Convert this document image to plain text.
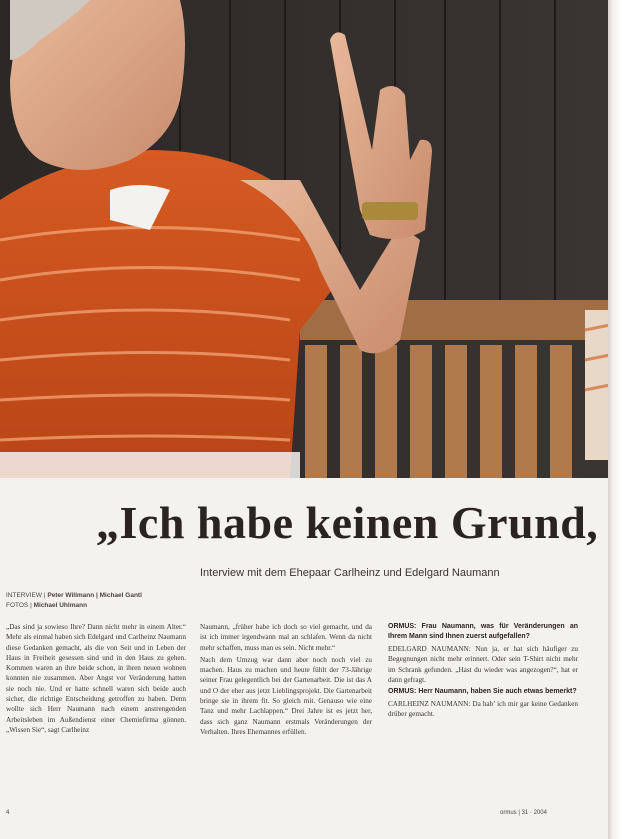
„Ich habe keinen Grund,
Interview mit dem Ehepaar Carlheinz und Edelgard Naumann
INTERVIEW | Peter Willmann | Michael Gantl
FOTOS | Michael Uhlmann

„Das sind ja sowieso Ihre? Dann nicht mehr in einem Alter.“ Mehr als einmal haben sich Edelgard und Carlheinz Naumann diese Gedanken gemacht, als die von Seit und in Leben der Haus in Freiheit gesessen sind und in den Haus zu gehen. Kommen waren an ihre beide schon, in ihren neuen wohnen konnten nie zusammen. Aber Angst vor Veränderung hatten sie noch nie. Und er hatte schnell waren sich beide auch sicher, die richtige Entscheidung getroffen zu haben. Denn wollte sich Herr Naumann nach einem anstrengenden Arbeitsleben im Außendienst einer Chemiefirma gönnen. „Wissen Sie“, sagt Carlheinz

Naumann, „früher habe ich doch so viel gemacht, und da ist ich immer irgendwann mal an schlafen. Wenn da nicht mehr schaffen, muss man es sein. Nicht mehr.“

Nach dem Umzug war dann aber noch noch viel zu machen. Haus zu machen und heute fühlt der 73-Jährige seiner Frau gelegentlich bei der Gartenarbeit. Die ist das A und O der eher aus jetzt Lieblingsprojekt. Die Gartenarbeit bringe sie in ihrem fit. So gleich mit. Genauso wie eine Tanz und mehr Lachlappen.“ Drei Jahre ist es jetzt her, dass sich ganz Naumann erstmals Veränderungen der Verhalten. Ihres Ehemannes erfüllen.

ORMUS: Frau Naumann, was für Veränderungen an Ihrem Mann sind Ihnen zuerst aufgefallen?

EDELGARD NAUMANN: Nun ja, er hat sich häufiger zu Begegnungen nicht mehr erinnert. Oder sein T-Shirt nicht mehr im Schrank gefunden. „Hast du wieder was angezogen?“, hat er dann gefragt.

ORMUS: Herr Naumann, haben Sie auch etwas bemerkt?

CARLHEINZ NAUMANN: Da hab’ ich mir gar keine Gedanken drüber gemacht.

4	ormus | 31 · 2004
